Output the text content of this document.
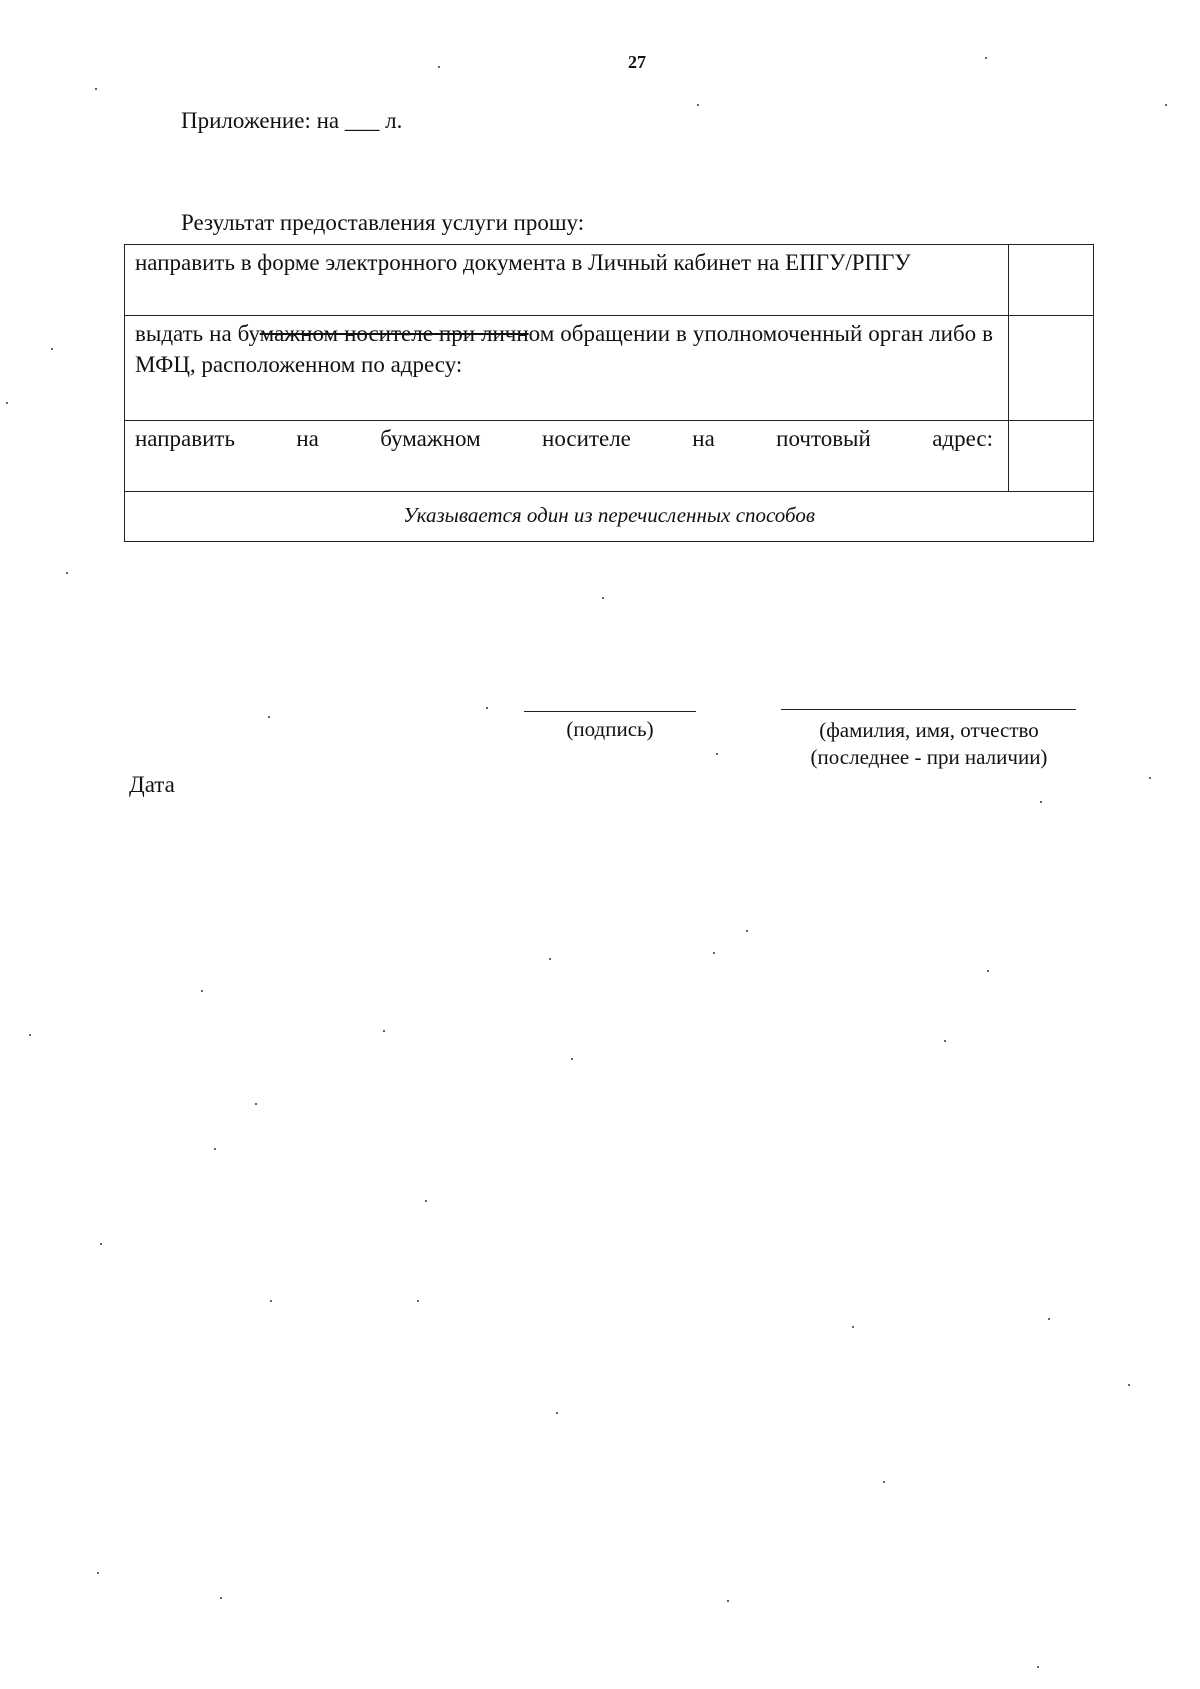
27
Приложение: на ___ л.
Результат предоставления услуги прошу:
направить в форме электронного документа в Личный кабинет на ЕПГУ/РПГУ
выдать на бумажном носителе при личном обращении в уполномоченный орган либо в МФЦ, расположенном по адресу:
направить на бумажном носителе на почтовый адрес:
Указывается один из перечисленных способов
(подпись)	(фамилия, имя, отчество
(последнее - при наличии)
Дата
